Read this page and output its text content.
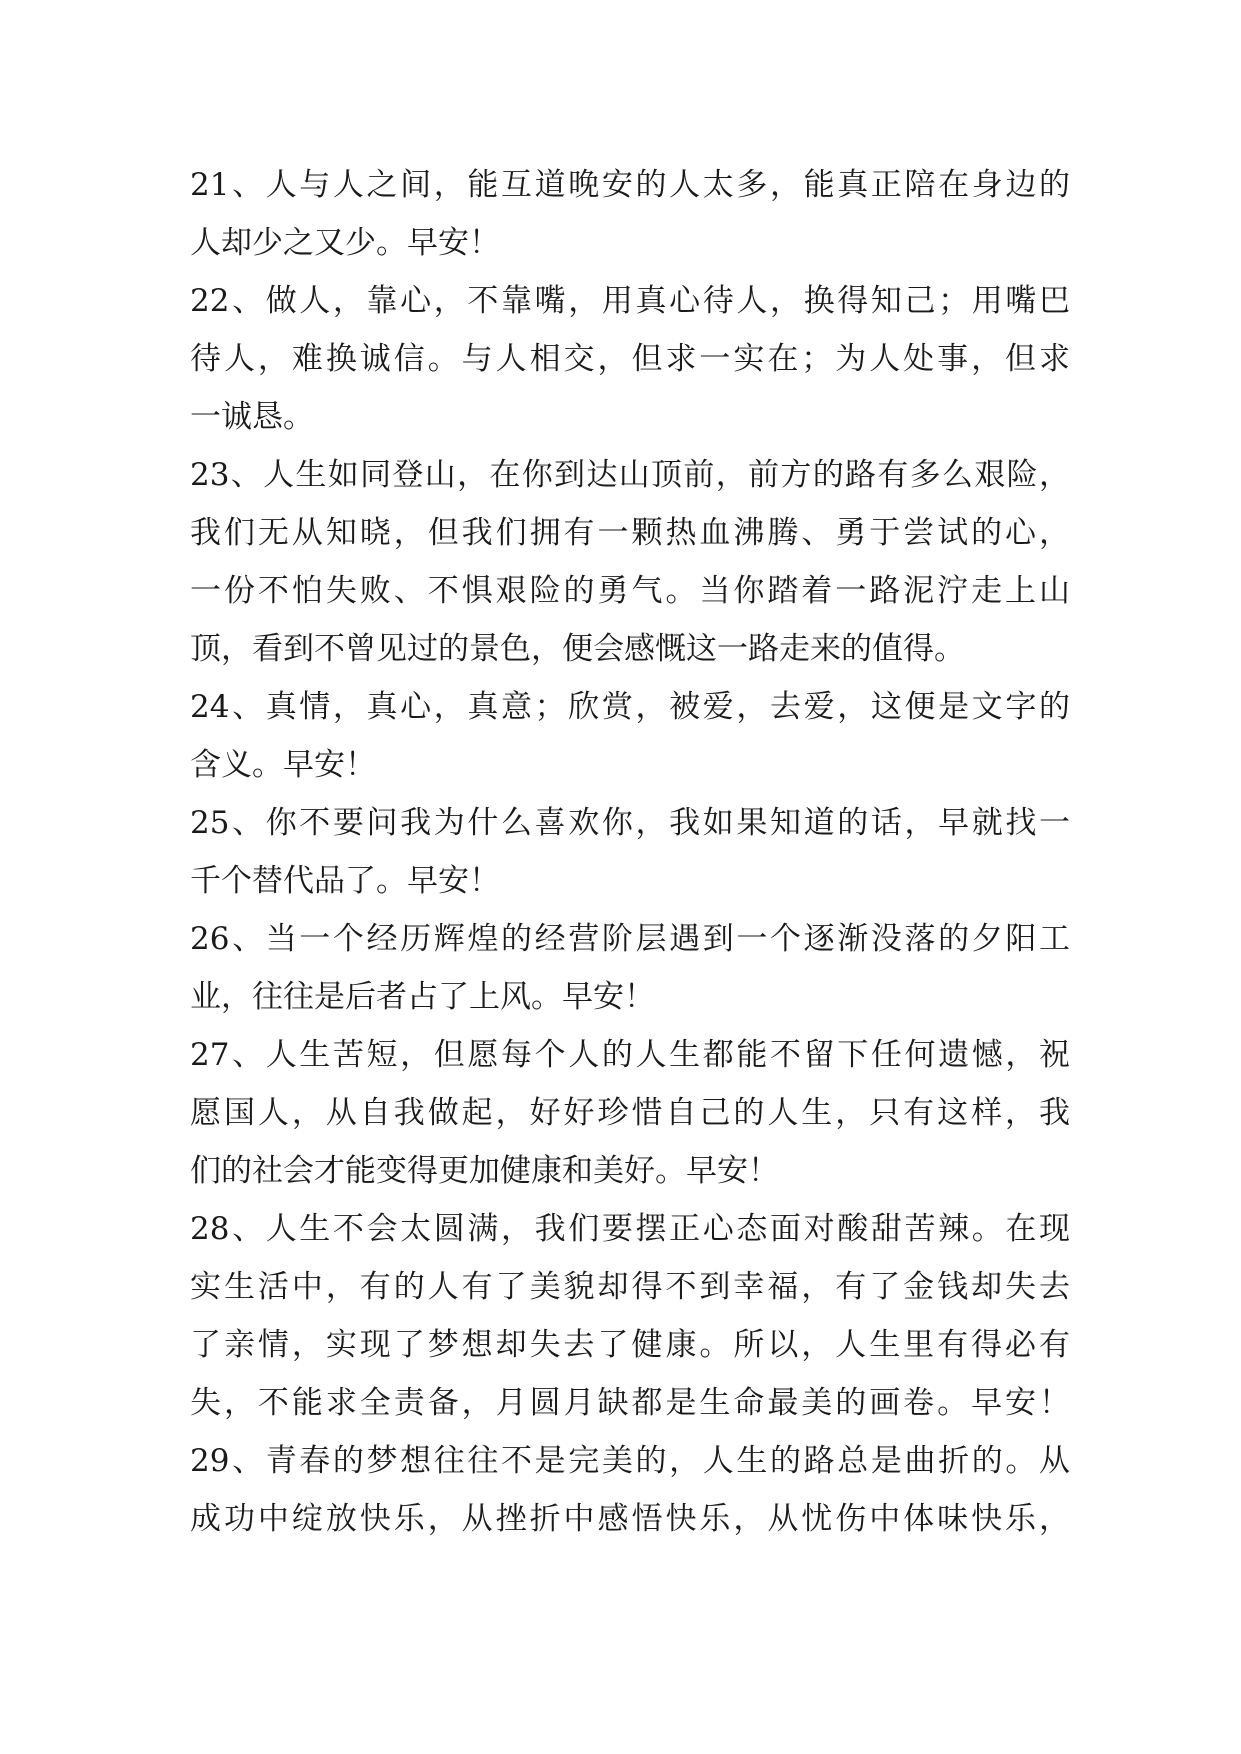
21、人与人之间，能互道晚安的人太多，能真正陪在身边的
人却少之又少。早安！
22、做人，靠心，不靠嘴，用真心待人，换得知己；用嘴巴
待人，难换诚信。与人相交，但求一实在；为人处事，但求
一诚恳。
23、人生如同登山，在你到达山顶前，前方的路有多么艰险，
我们无从知晓，但我们拥有一颗热血沸腾、勇于尝试的心，
一份不怕失败、不惧艰险的勇气。当你踏着一路泥泞走上山
顶，看到不曾见过的景色，便会感慨这一路走来的值得。
24、真情，真心，真意；欣赏，被爱，去爱，这便是文字的
含义。早安！
25、你不要问我为什么喜欢你，我如果知道的话，早就找一
千个替代品了。早安！
26、当一个经历辉煌的经营阶层遇到一个逐渐没落的夕阳工
业，往往是后者占了上风。早安！
27、人生苦短，但愿每个人的人生都能不留下任何遗憾，祝
愿国人，从自我做起，好好珍惜自己的人生，只有这样，我
们的社会才能变得更加健康和美好。早安！
28、人生不会太圆满，我们要摆正心态面对酸甜苦辣。在现
实生活中，有的人有了美貌却得不到幸福，有了金钱却失去
了亲情，实现了梦想却失去了健康。所以，人生里有得必有
失，不能求全责备，月圆月缺都是生命最美的画卷。早安！
29、青春的梦想往往不是完美的，人生的路总是曲折的。从
成功中绽放快乐，从挫折中感悟快乐，从忧伤中体味快乐，
